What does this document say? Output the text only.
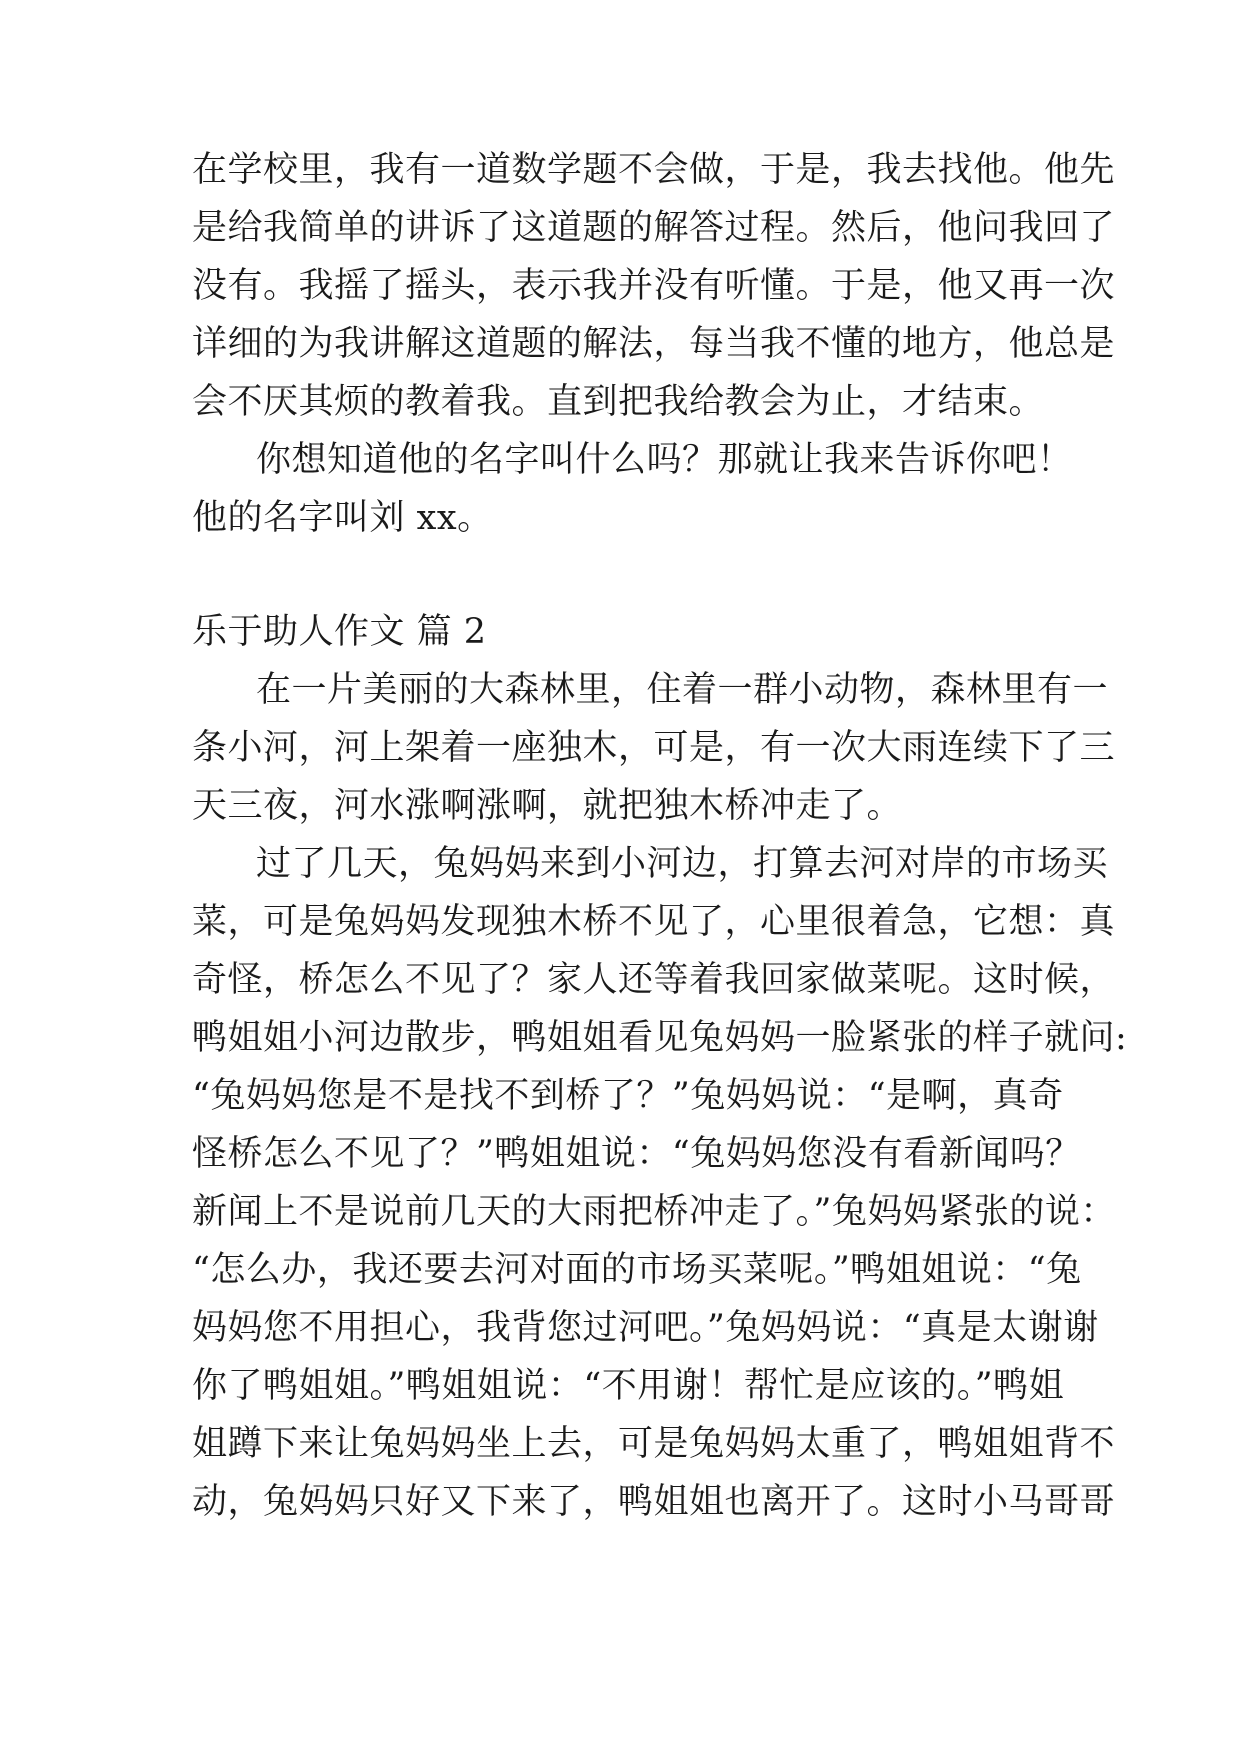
在学校里，我有一道数学题不会做，于是，我去找他。他先
是给我简单的讲诉了这道题的解答过程。然后，他问我回了
没有。我摇了摇头，表示我并没有听懂。于是，他又再一次
详细的为我讲解这道题的解法，每当我不懂的地方，他总是
会不厌其烦的教着我。直到把我给教会为止，才结束。
你想知道他的名字叫什么吗？那就让我来告诉你吧！
他的名字叫刘 xx。
乐于助人作文 篇 2
在一片美丽的大森林里，住着一群小动物，森林里有一
条小河，河上架着一座独木，可是，有一次大雨连续下了三
天三夜，河水涨啊涨啊，就把独木桥冲走了。
过了几天，兔妈妈来到小河边，打算去河对岸的市场买
菜，可是兔妈妈发现独木桥不见了，心里很着急，它想：真
奇怪，桥怎么不见了？家人还等着我回家做菜呢。这时候，
鸭姐姐小河边散步，鸭姐姐看见兔妈妈一脸紧张的样子就问:
“兔妈妈您是不是找不到桥了？”兔妈妈说：“是啊，真奇
怪桥怎么不见了？”鸭姐姐说：“兔妈妈您没有看新闻吗？
新闻上不是说前几天的大雨把桥冲走了。”兔妈妈紧张的说：
“怎么办，我还要去河对面的市场买菜呢。”鸭姐姐说：“兔
妈妈您不用担心，我背您过河吧。”兔妈妈说：“真是太谢谢
你了鸭姐姐。”鸭姐姐说：“不用谢！帮忙是应该的。”鸭姐
姐蹲下来让兔妈妈坐上去，可是兔妈妈太重了，鸭姐姐背不
动，兔妈妈只好又下来了，鸭姐姐也离开了。这时小马哥哥
